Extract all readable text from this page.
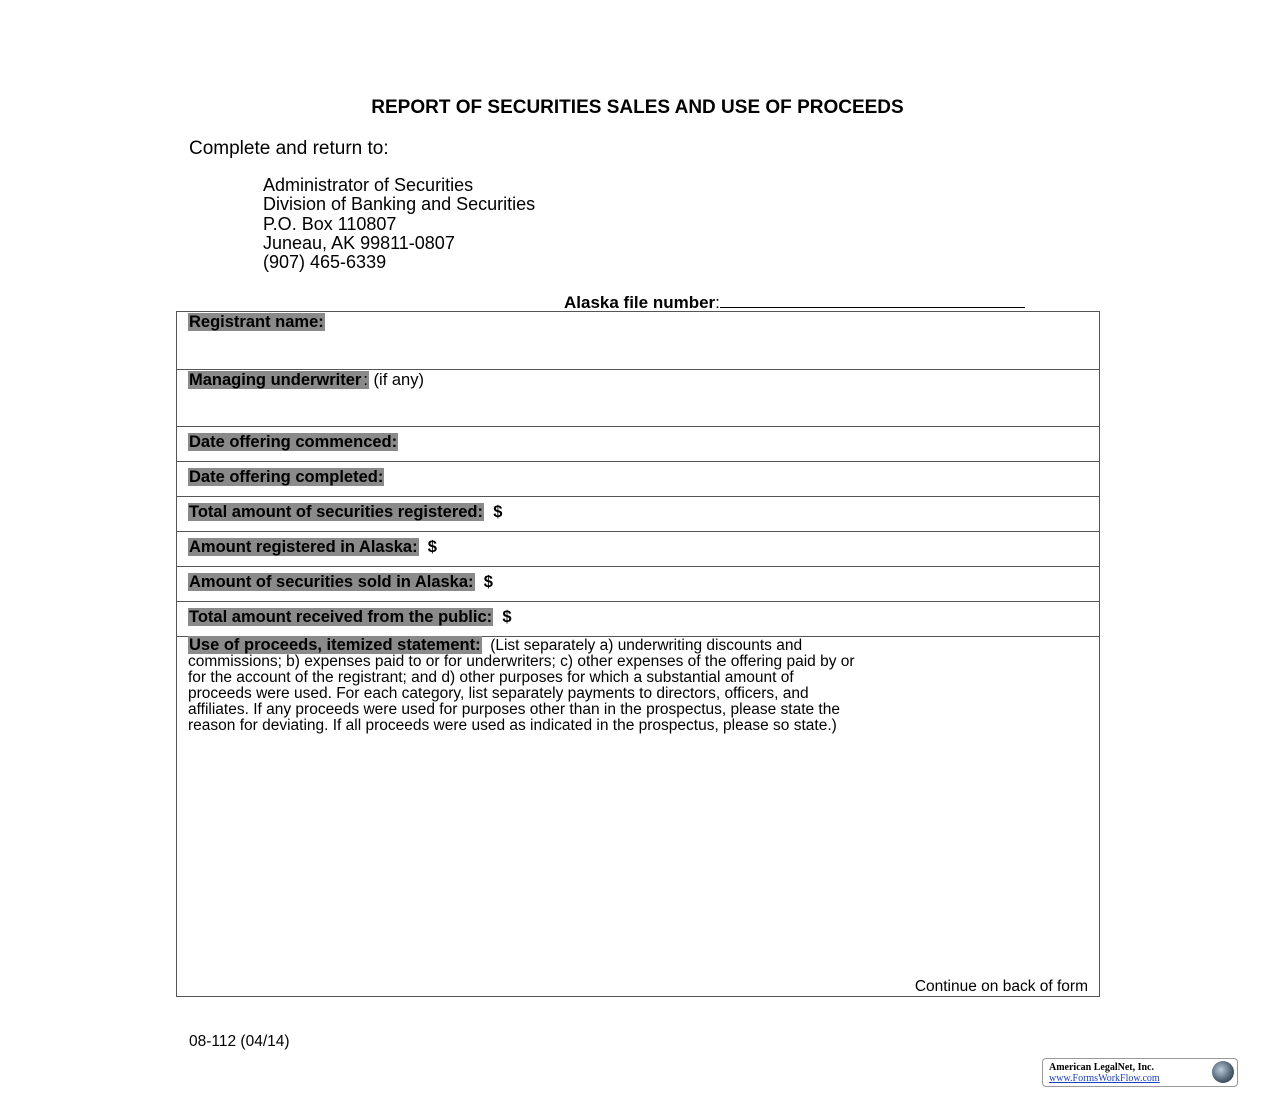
REPORT OF SECURITIES SALES AND USE OF PROCEEDS
Complete and return to:
Administrator of Securities
Division of Banking and Securities
P.O. Box 110807
Juneau, AK 99811-0807
(907) 465-6339
Alaska file number:
Registrant name:
Managing underwriter : (if any)
Date offering commenced:
Date offering completed:
Total amount of securities registered: $
Amount registered in Alaska: $
Amount of securities sold in Alaska: $
Total amount received from the public: $
Use of proceeds, itemized statement:  (List separately a) underwriting discounts and
commissions; b) expenses paid to or for underwriters; c) other expenses of the offering paid by or
for the account of the registrant; and d) other purposes for which a substantial amount of
proceeds were used. For each category, list separately payments to directors, officers, and
affiliates. If any proceeds were used for purposes other than in the prospectus, please state the
reason for deviating. If all proceeds were used as indicated in the prospectus, please so state.)
Continue on back of form
08-112 (04/14)
American LegalNet, Inc.
www.FormsWorkFlow.com
